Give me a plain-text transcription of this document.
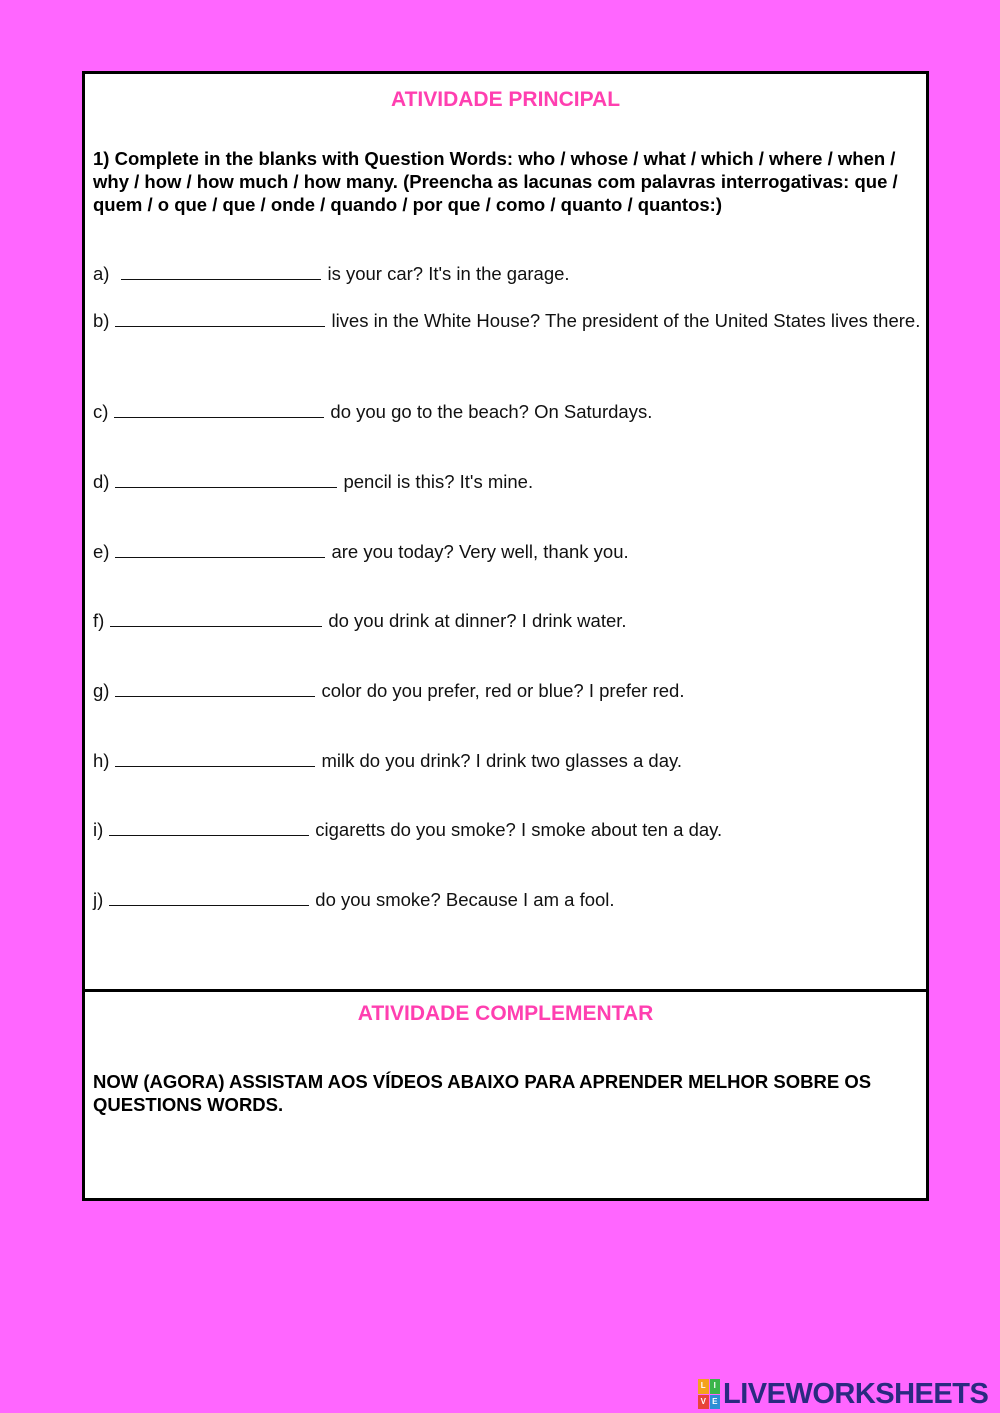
ATIVIDADE PRINCIPAL
1) Complete in the blanks with Question Words: who / whose / what / which / where / when / why / how / how much / how many. (Preencha as lacunas com palavras interrogativas: que / quem / o que / que / onde / quando / por que / como / quanto / quantos:)
a)	is your car? It's in the garage.
b)	lives in the White House? The president of the United States lives there.
c)	do you go to the beach? On Saturdays.
d)	pencil is this? It's mine.
e)	are you today? Very well, thank you.
f)	do you drink at dinner? I drink water.
g)	color do you prefer, red or blue? I prefer red.
h)	milk do you drink? I drink two glasses a day.
i)	cigaretts do you smoke? I smoke about ten a day.
j)	do you smoke? Because I am a fool.
ATIVIDADE COMPLEMENTAR
NOW (AGORA) ASSISTAM AOS VÍDEOS ABAIXO PARA APRENDER MELHOR SOBRE OS QUESTIONS WORDS.
L I
V E LIVEWORKSHEETS
